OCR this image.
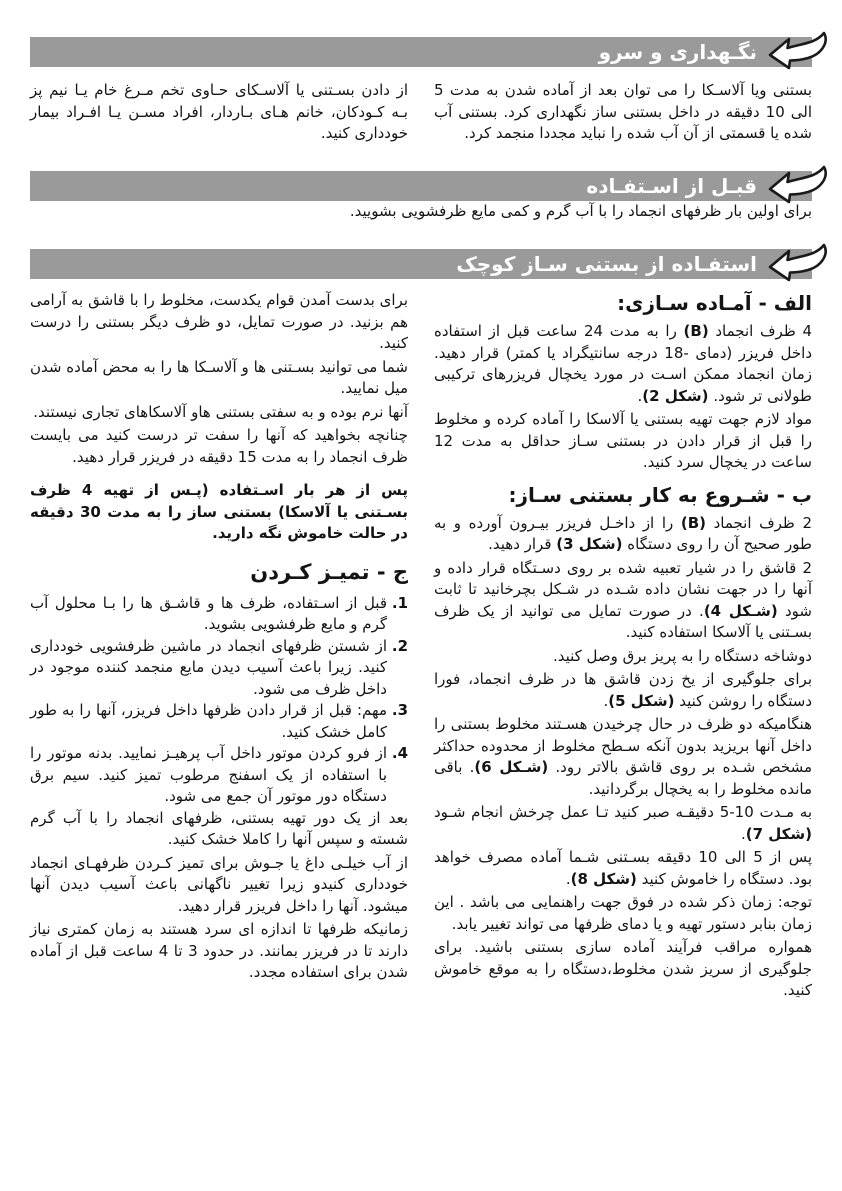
نگـهداری و سرو

بستنی ویا آلاسـکا را می توان بعد از آماده شدن به مدت 5 الی 10 دقیقه در داخل بستنی ساز نگهداری کرد. بستنی آب شده یا قسمتی از آن آب شده را نباید مجددا منجمد کرد.

از دادن بسـتنی یا آلاسـکای حـاوی تخم مـرغ خام یـا نیم پز بـه کـودکان، خانم هـای بـاردار، افراد مسـن یـا افـراد بیمار خودداری کنید.

قبـل از اسـتفـاده

برای اولین بار ظرفهای انجماد را با آب گرم و کمی مایع ظرفشویی بشویید.

استفـاده از بستنی سـاز کوچک
الف - آمـاده سـازی:

4 ظرف انجماد (B) را به مدت 24 ساعت قبل از استفاده داخل فریزر (دمای -18 درجه سانتیگراد یا کمتر) قرار دهید. زمان انجماد ممکن اسـت در مورد یخچال فریزرهای ترکیبی طولانی تر شود. (شکل 2).

مواد لازم جهت تهیه بستنی یا آلاسکا را آماده کرده و مخلوط را قبل از قرار دادن در بستنی سـاز حداقل به مدت 12 ساعت در یخچال سرد کنید.

ب - شـروع به کار بستنی سـاز:

2 ظرف انجماد (B) را از داخـل فریزر بیـرون آورده و به طور صحیح آن را روی دستگاه (شکل 3) قرار دهید.

2 قاشق را در شیار تعبیه شده بر روی دسـتگاه قرار داده و آنها را در جهت نشان داده شـده در شـکل بچرخانید تا ثابت شود (شـکل 4). در صورت تمایل می توانید از یک ظرف بسـتنی یا آلاسکا استفاده کنید.

دوشاخه دستگاه را به پریز برق وصل کنید.

برای جلوگیری از یخ زدن قاشق ها در ظرف انجماد، فورا دستگاه را روشن کنید (شکل 5).

هنگامیکه دو ظرف در حال چرخیدن هسـتند مخلوط بستنی را داخل آنها بریزید بدون آنکه سـطح مخلوط از محدوده حداکثر مشخص شـده بر روی قاشق بالاتر رود. (شـکل 6). باقی مانده مخلوط را به یخچال برگردانید.

به مـدت 10-5 دقیقـه صبر کنید تـا عمل چرخش انجام شـود (شکل 7).

پس از 5 الی 10 دقیقه بسـتنی شـما آماده مصرف خواهد بود. دستگاه را خاموش کنید (شکل 8).

توجه: زمان ذکر شده در فوق جهت راهنمایی می باشد . این زمان بنابر دستور تهیه و یا دمای ظرفها می تواند تغییر یابد.

همواره مراقب فرآیند آماده سازی بستنی باشید. برای جلوگیری از سریز شدن مخلوط،دستگاه را به موقع خاموش کنید.

برای بدست آمدن قوام یکدست، مخلوط را با قاشق به آرامی هم بزنید. در صورت تمایل، دو ظرف دیگر بستنی را درست کنید.

شما می توانید بسـتنی ها و آلاسـکا ها را به محض آماده شدن میل نمایید.

آنها نرم بوده و به سفتی بستنی هاو آلاسکاهای تجاری نیستند.

چنانچه بخواهید که آنها را سفت تر درست کنید می بایست ظرف انجماد را به مدت 15 دقیقه در فریزر قرار دهید.

پس از هر بار اسـتفاده (پـس از تهیه 4 ظرف بسـتنی یا آلاسکا) بستنی ساز را به مدت 30 دقیقه در حالت خاموش نگه دارید.

ج - تمیـز کـردن
1.
قبل از اسـتفاده، ظرف ها و قاشـق ها را بـا محلول آب گرم و مایع ظرفشویی بشوید.
2.
از شستن ظرفهای انجماد در ماشین ظرفشویی خودداری کنید. زیرا باعث آسیب دیدن مایع منجمد کننده موجود در داخل ظرف می شود.
3.
مهم: قبل از قرار دادن ظرفها داخل فریزر، آنها را به طور کامل خشک کنید.
4.
از فرو کردن موتور داخل آب پرهیـز نمایید. بدنه موتور را با استفاده از یک اسفنج مرطوب تمیز کنید. سیم برق دستگاه دور موتور آن جمع می شود.

بعد از یک دور تهیه بستنی، ظرفهای انجماد را با آب گرم شسته و سپس آنها را کاملا خشک کنید.

از آب خیلـی داغ یا جـوش برای تمیز کـردن ظرفهـای انجماد خودداری کنیدو زیرا تغییر ناگهانی باعث آسیب دیدن آنها میشود. آنها را داخل فریزر قرار دهید.

زمانیکه ظرفها تا اندازه ای سرد هستند به زمان کمتری نیاز دارند تا در فریزر بمانند. در حدود 3 تا 4 ساعت قبل از آماده شدن برای استفاده مجدد.
